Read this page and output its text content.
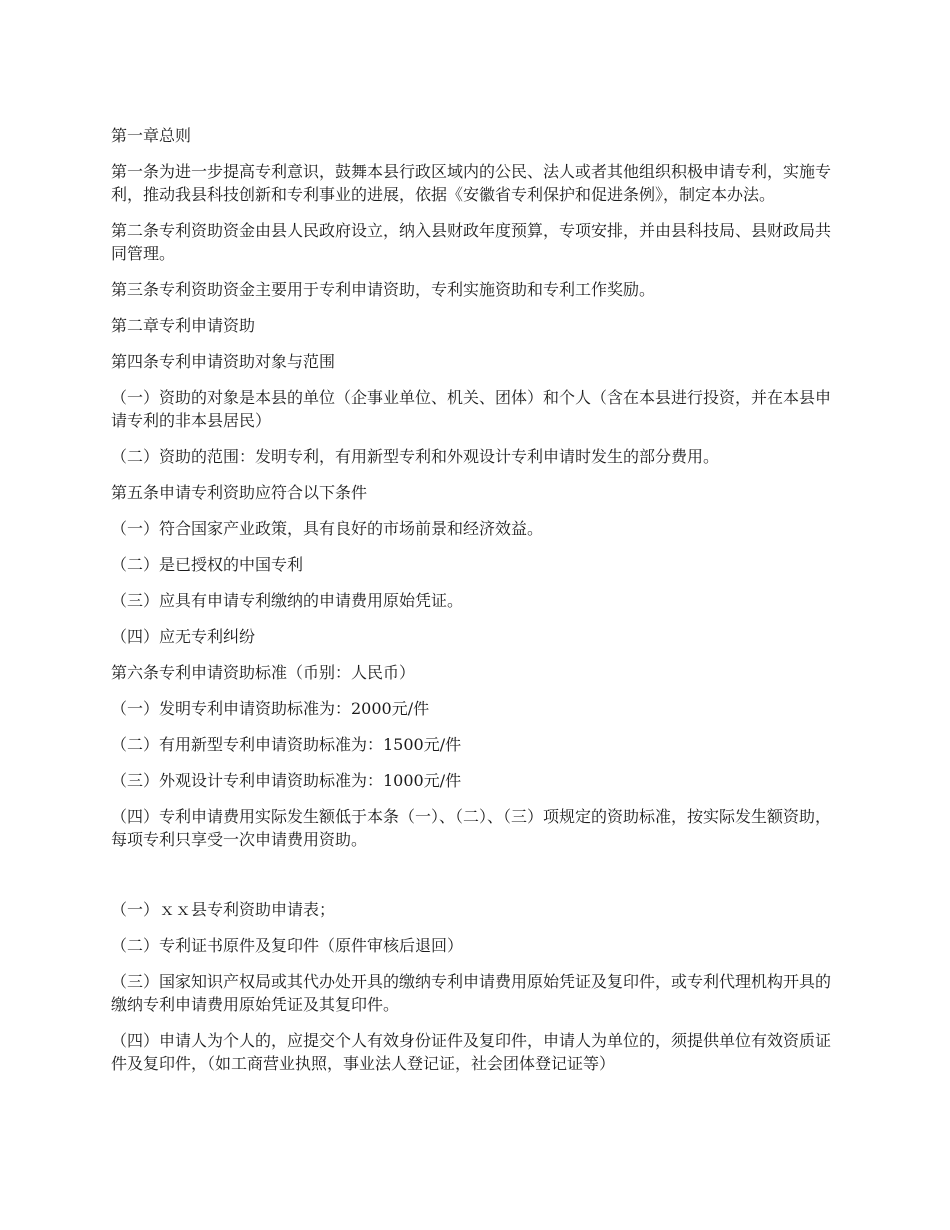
第一章总则

第一条为进一步提高专利意识，鼓舞本县行政区域内的公民、法人或者其他组织积极申请专利，实施专利，推动我县科技创新和专利事业的进展，依据《安徽省专利保护和促进条例》，制定本办法。

第二条专利资助资金由县人民政府设立，纳入县财政年度预算，专项安排，并由县科技局、县财政局共同管理。

第三条专利资助资金主要用于专利申请资助，专利实施资助和专利工作奖励。

第二章专利申请资助

第四条专利申请资助对象与范围

（一）资助的对象是本县的单位（企事业单位、机关、团体）和个人（含在本县进行投资，并在本县申请专利的非本县居民）

（二）资助的范围：发明专利，有用新型专利和外观设计专利申请时发生的部分费用。

第五条申请专利资助应符合以下条件

（一）符合国家产业政策，具有良好的市场前景和经济效益。

（二）是已授权的中国专利

（三）应具有申请专利缴纳的申请费用原始凭证。

（四）应无专利纠纷

第六条专利申请资助标准（币别：人民币）

（一）发明专利申请资助标准为：2000元/件

（二）有用新型专利申请资助标准为：1500元/件

（三）外观设计专利申请资助标准为：1000元/件

（四）专利申请费用实际发生额低于本条（一）、（二）、（三）项规定的资助标准，按实际发生额资助，每项专利只享受一次申请费用资助。

（一）ｘｘ县专利资助申请表；

（二）专利证书原件及复印件（原件审核后退回）

（三）国家知识产权局或其代办处开具的缴纳专利申请费用原始凭证及复印件，或专利代理机构开具的缴纳专利申请费用原始凭证及其复印件。

（四）申请人为个人的，应提交个人有效身份证件及复印件，申请人为单位的，须提供单位有效资质证件及复印件，（如工商营业执照，事业法人登记证，社会团体登记证等）
